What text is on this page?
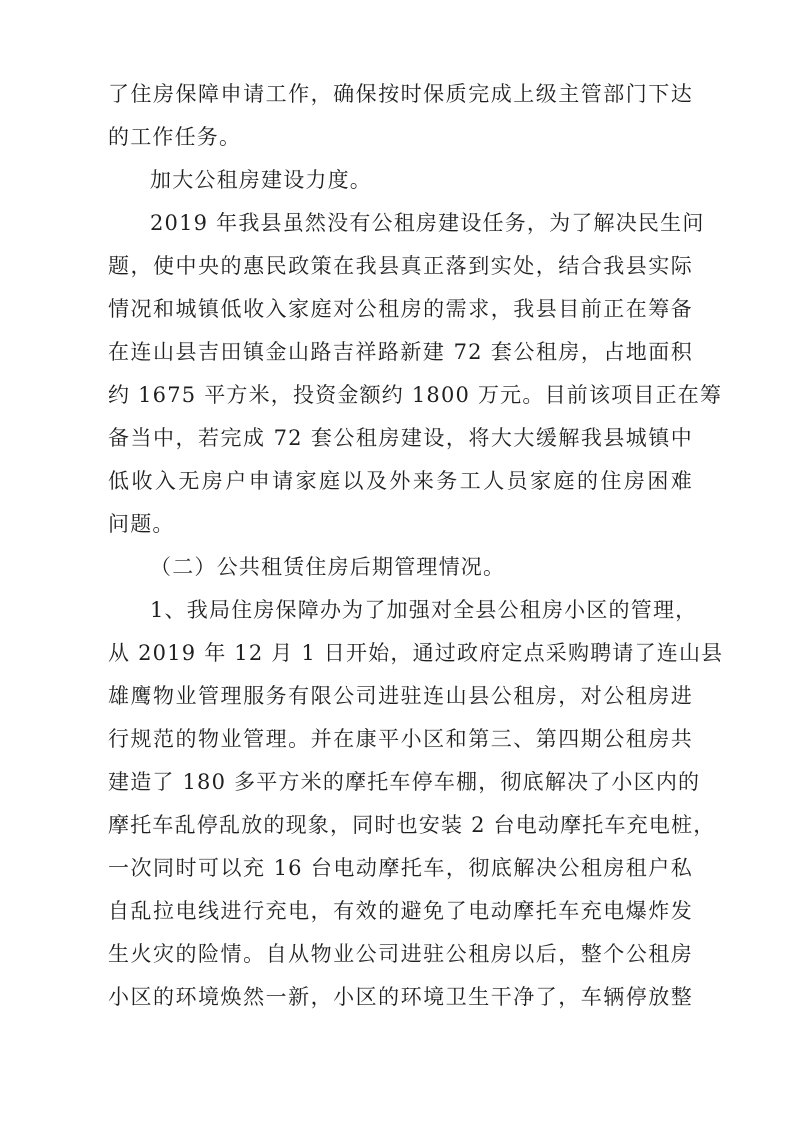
了住房保障申请工作，确保按时保质完成上级主管部门下达
的工作任务。
加大公租房建设力度。
2019 年我县虽然没有公租房建设任务，为了解决民生问
题，使中央的惠民政策在我县真正落到实处，结合我县实际
情况和城镇低收入家庭对公租房的需求，我县目前正在筹备
在连山县吉田镇金山路吉祥路新建 72 套公租房，占地面积
约 1675 平方米，投资金额约 1800 万元。目前该项目正在筹
备当中，若完成 72 套公租房建设，将大大缓解我县城镇中
低收入无房户申请家庭以及外来务工人员家庭的住房困难
问题。
（二）公共租赁住房后期管理情况。
1、我局住房保障办为了加强对全县公租房小区的管理，
从 2019 年 12 月 1 日开始，通过政府定点采购聘请了连山县
雄鹰物业管理服务有限公司进驻连山县公租房，对公租房进
行规范的物业管理。并在康平小区和第三、第四期公租房共
建造了 180 多平方米的摩托车停车棚，彻底解决了小区内的
摩托车乱停乱放的现象，同时也安装 2 台电动摩托车充电桩，
一次同时可以充 16 台电动摩托车，彻底解决公租房租户私
自乱拉电线进行充电，有效的避免了电动摩托车充电爆炸发
生火灾的险情。自从物业公司进驻公租房以后，整个公租房
小区的环境焕然一新，小区的环境卫生干净了，车辆停放整
